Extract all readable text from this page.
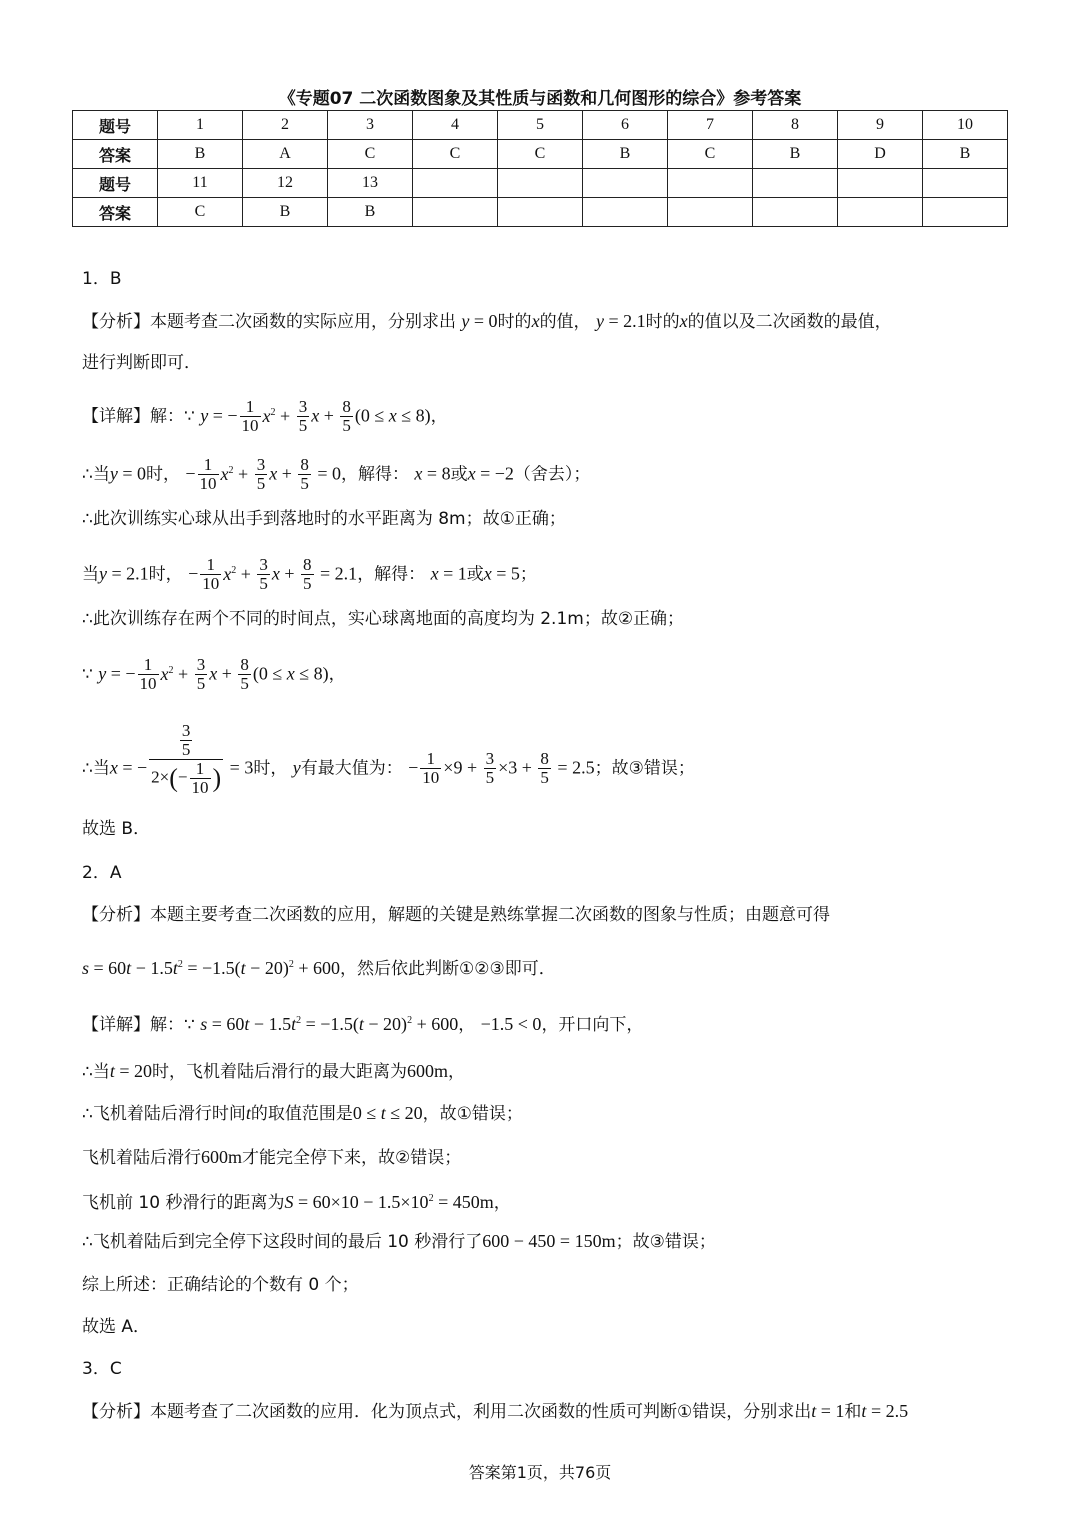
《专题07 二次函数图象及其性质与函数和几何图形的综合》参考答案
题号	1	2	3	4	5	6	7	8	9	10
答案	B	A	C	C	C	B	C	B	D	B
题号	11	12	13							
答案	C	B	B							
1．B
【分析】本题考查二次函数的实际应用，分别求出 y = 0时的x的值， y = 2.1时的x的值以及二次函数的最值，
进行判断即可．
【详解】解：∵ y = − $\frac{1}{10} x^2 + \frac{3}{5}$ $x + \frac{8}{5} (0 \le x \le 8)$，
∴当y = 0时， − $\frac{1}{10} x^2 + \frac{3}{5}$ $x + \frac{8}{5} = 0$，解得： x = 8或x = −2（舍去）；
∴此次训练实心球从出手到落地时的水平距离为 8m；故①正确；
当y = 2.1时， − $\frac{1}{10} x^2 + \frac{3}{5}$ $x + \frac{8}{5} = 2.1$，解得： x = 1或x = 5；
∴此次训练存在两个不同的时间点，实心球离地面的高度均为 2.1m；故②正确；
∵ y = − $\frac{1}{10} x^2 + \frac{3}{5}$ $x + \frac{8}{5} (0 \le x \le 8)$，
∴当x = − $\frac{\frac{3}{5}}{2\times(- \frac{1}{10} )} = 3$时， y有最大值为： − $\frac{1}{10} \times 9 + \frac{3}{5} \times 3 + \frac{8}{5} = 2.5$；故③错误；
故选 B．
2．A
【分析】本题主要考查二次函数的应用，解题的关键是熟练掌握二次函数的图象与性质；由题意可得
$s = 60t - 1.5t^2 = -1.5(t - 20)^2 + 600$，然后依此判断①②③即可．
【详解】解：∵ $s = 60t - 1.5t^2 = -1.5(t - 20)^2 + 600$， −1.5 < 0，开口向下，
∴当t = 20时，飞机着陆后滑行的最大距离为600m，
∴飞机着陆后滑行时间t的取值范围是0 ≤ t ≤ 20，故①错误；
飞机着陆后滑行600m才能完全停下来，故②错误；
飞机前 10 秒滑行的距离为$S = 60\times 10 - 1.5\times 10^2 = 450m$，
∴飞机着陆后到完全停下这段时间的最后 10 秒滑行了600 − 450 = 150m；故③错误；
综上所述：正确结论的个数有 0 个；
故选 A．
3．C
【分析】本题考查了二次函数的应用．化为顶点式，利用二次函数的性质可判断①错误，分别求出t = 1和t = 2.5
答案第1页，共76页
